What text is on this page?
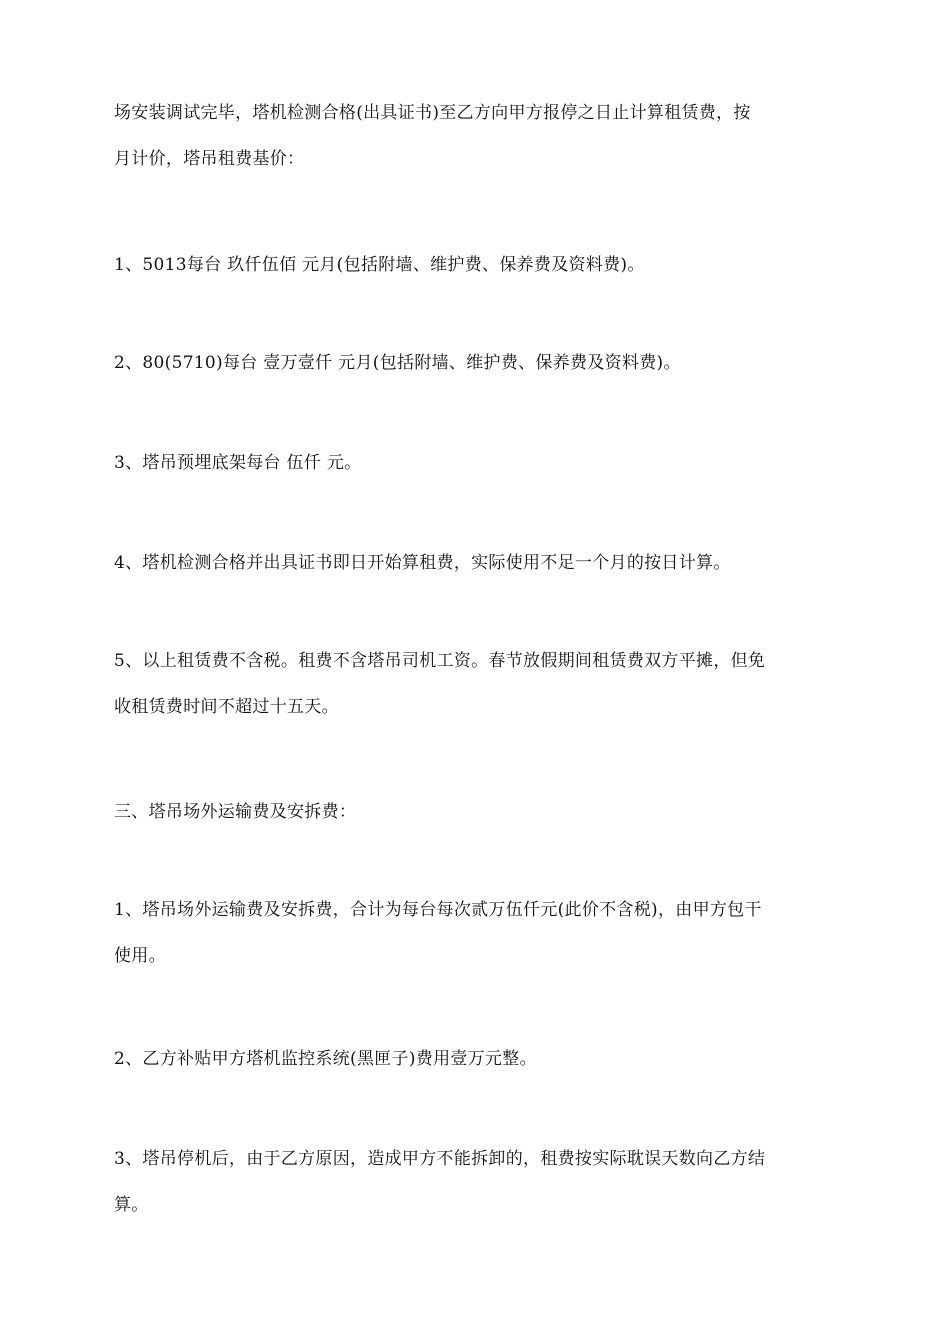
场安装调试完毕，塔机检测合格(出具证书)至乙方向甲方报停之日止计算租赁费，按
月计价，塔吊租费基价：

1、5013每台 玖仟伍佰 元月(包括附墙、维护费、保养费及资料费)。

2、80(5710)每台 壹万壹仟 元月(包括附墙、维护费、保养费及资料费)。

3、塔吊预埋底架每台 伍仟 元。

4、塔机检测合格并出具证书即日开始算租费，实际使用不足一个月的按日计算。

5、以上租赁费不含税。租费不含塔吊司机工资。春节放假期间租赁费双方平摊，但免
收租赁费时间不超过十五天。

三、塔吊场外运输费及安拆费：

1、塔吊场外运输费及安拆费，合计为每台每次贰万伍仟元(此价不含税)，由甲方包干
使用。

2、乙方补贴甲方塔机监控系统(黑匣子)费用壹万元整。

3、塔吊停机后，由于乙方原因，造成甲方不能拆卸的，租费按实际耽误天数向乙方结
算。
